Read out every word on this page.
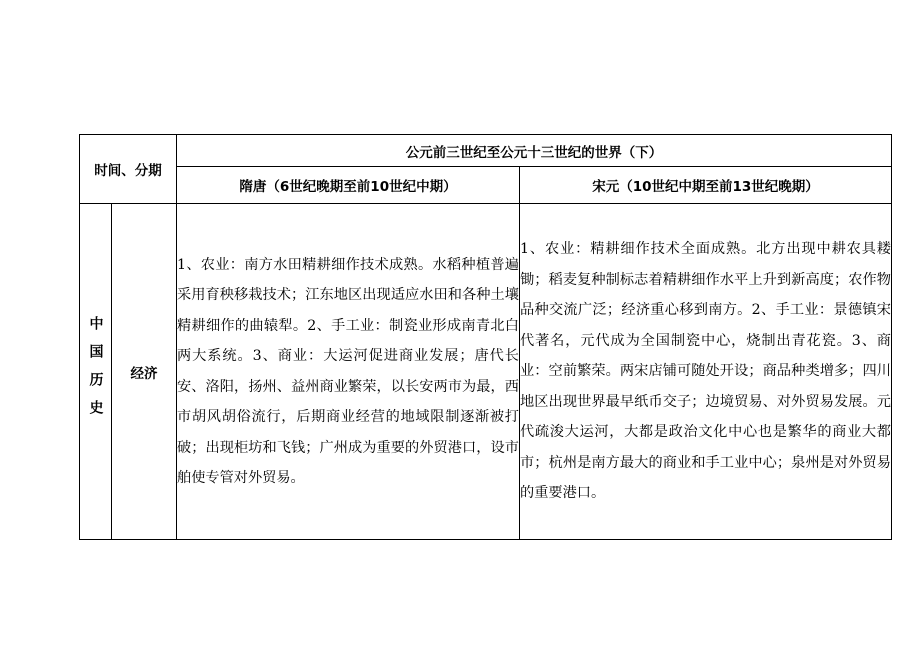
时间、分期		公元前三世纪至公元十三世纪的世界（下）	
		隋唐（6世纪晚期至前10世纪中期）	宋元（10世纪中期至前13世纪晚期）

中国历史	经济	1、农业：南方水田精耕细作技术成熟。水稻种植普遍采用育秧移栽技术；江东地区出现适应水田和各种土壤精耕细作的曲辕犁。2、手工业：制瓷业形成南青北白两大系统。3、商业：大运河促进商业发展；唐代长安、洛阳，扬州、益州商业繁荣，以长安两市为最，西市胡风胡俗流行，后期商业经营的地域限制逐渐被打破；出现柜坊和飞钱；广州成为重要的外贸港口，设市舶使专管对外贸易。	1、农业：精耕细作技术全面成熟。北方出现中耕农具耧锄；稻麦复种制标志着精耕细作水平上升到新高度；农作物品种交流广泛；经济重心移到南方。2、手工业：景德镇宋代著名，元代成为全国制瓷中心，烧制出青花瓷。3、商业：空前繁荣。两宋店铺可随处开设；商品种类增多；四川地区出现世界最早纸币交子；边境贸易、对外贸易发展。元代疏浚大运河，大都是政治文化中心也是繁华的商业大都市；杭州是南方最大的商业和手工业中心；泉州是对外贸易的重要港口。
